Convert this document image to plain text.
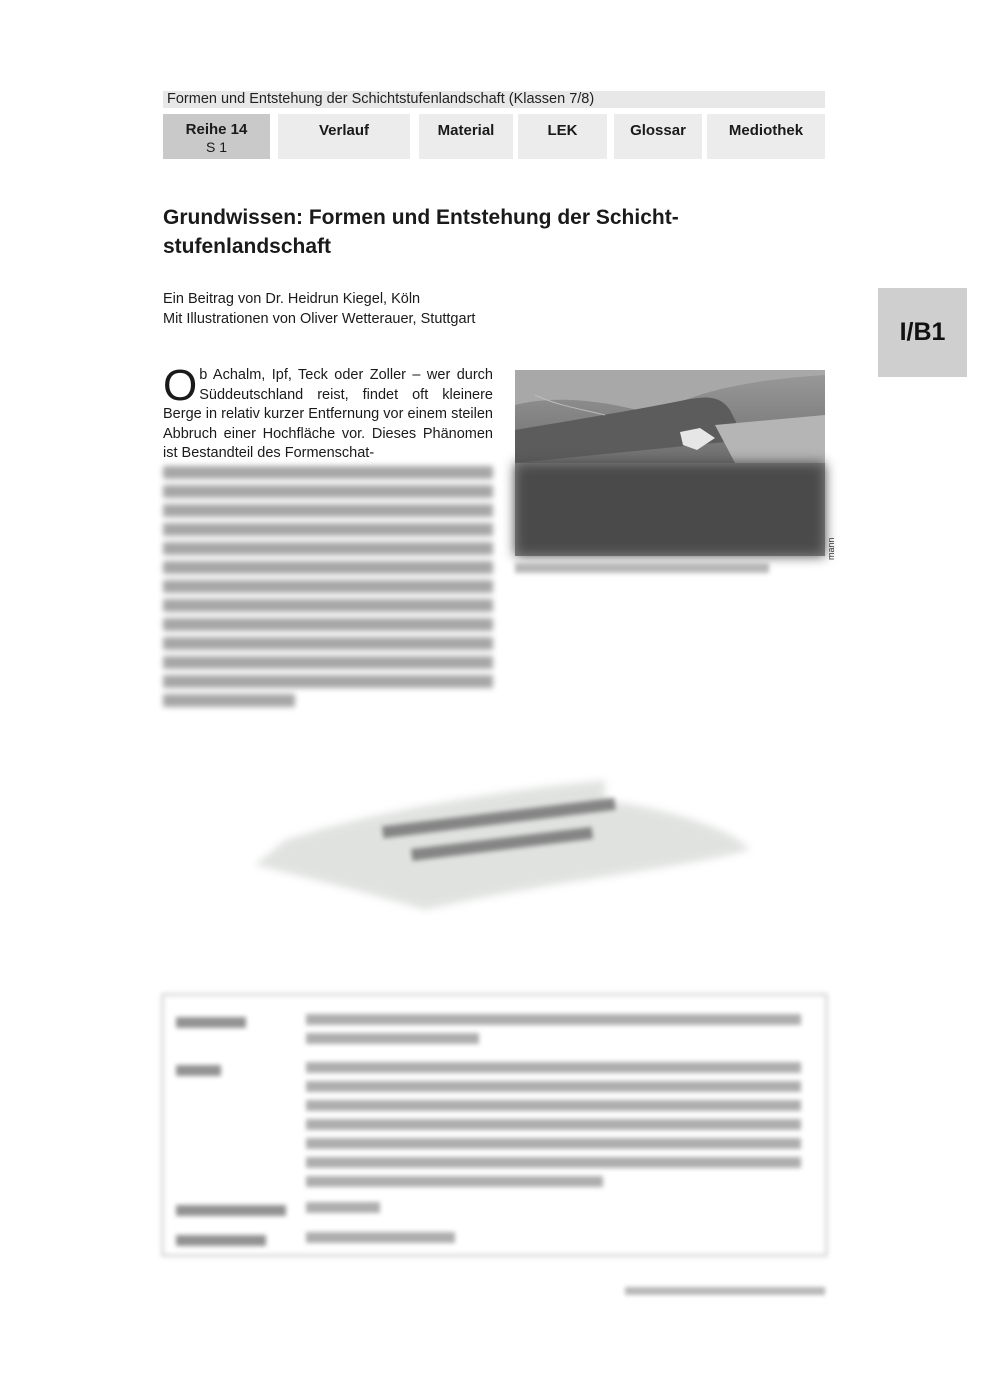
Formen und Entstehung der Schichtstufenlandschaft (Klassen 7/8)
Reihe 14
S 1
Verlauf	Material	LEK	Glossar	Mediothek
I/B1
Grundwissen: Formen und Entstehung der Schicht-
stufenlandschaft
Ein Beitrag von Dr. Heidrun Kiegel, Köln
Mit Illustrationen von Oliver Wetterauer, Stuttgart

O b Achalm, Ipf, Teck oder Zoller – wer durch Süddeutschland reist, findet oft kleinere Berge in relativ kurzer Entfernung vor einem steilen Abbruch einer Hochfläche vor. Dieses Phänomen ist Bestandteil des Formenschat-

mann
